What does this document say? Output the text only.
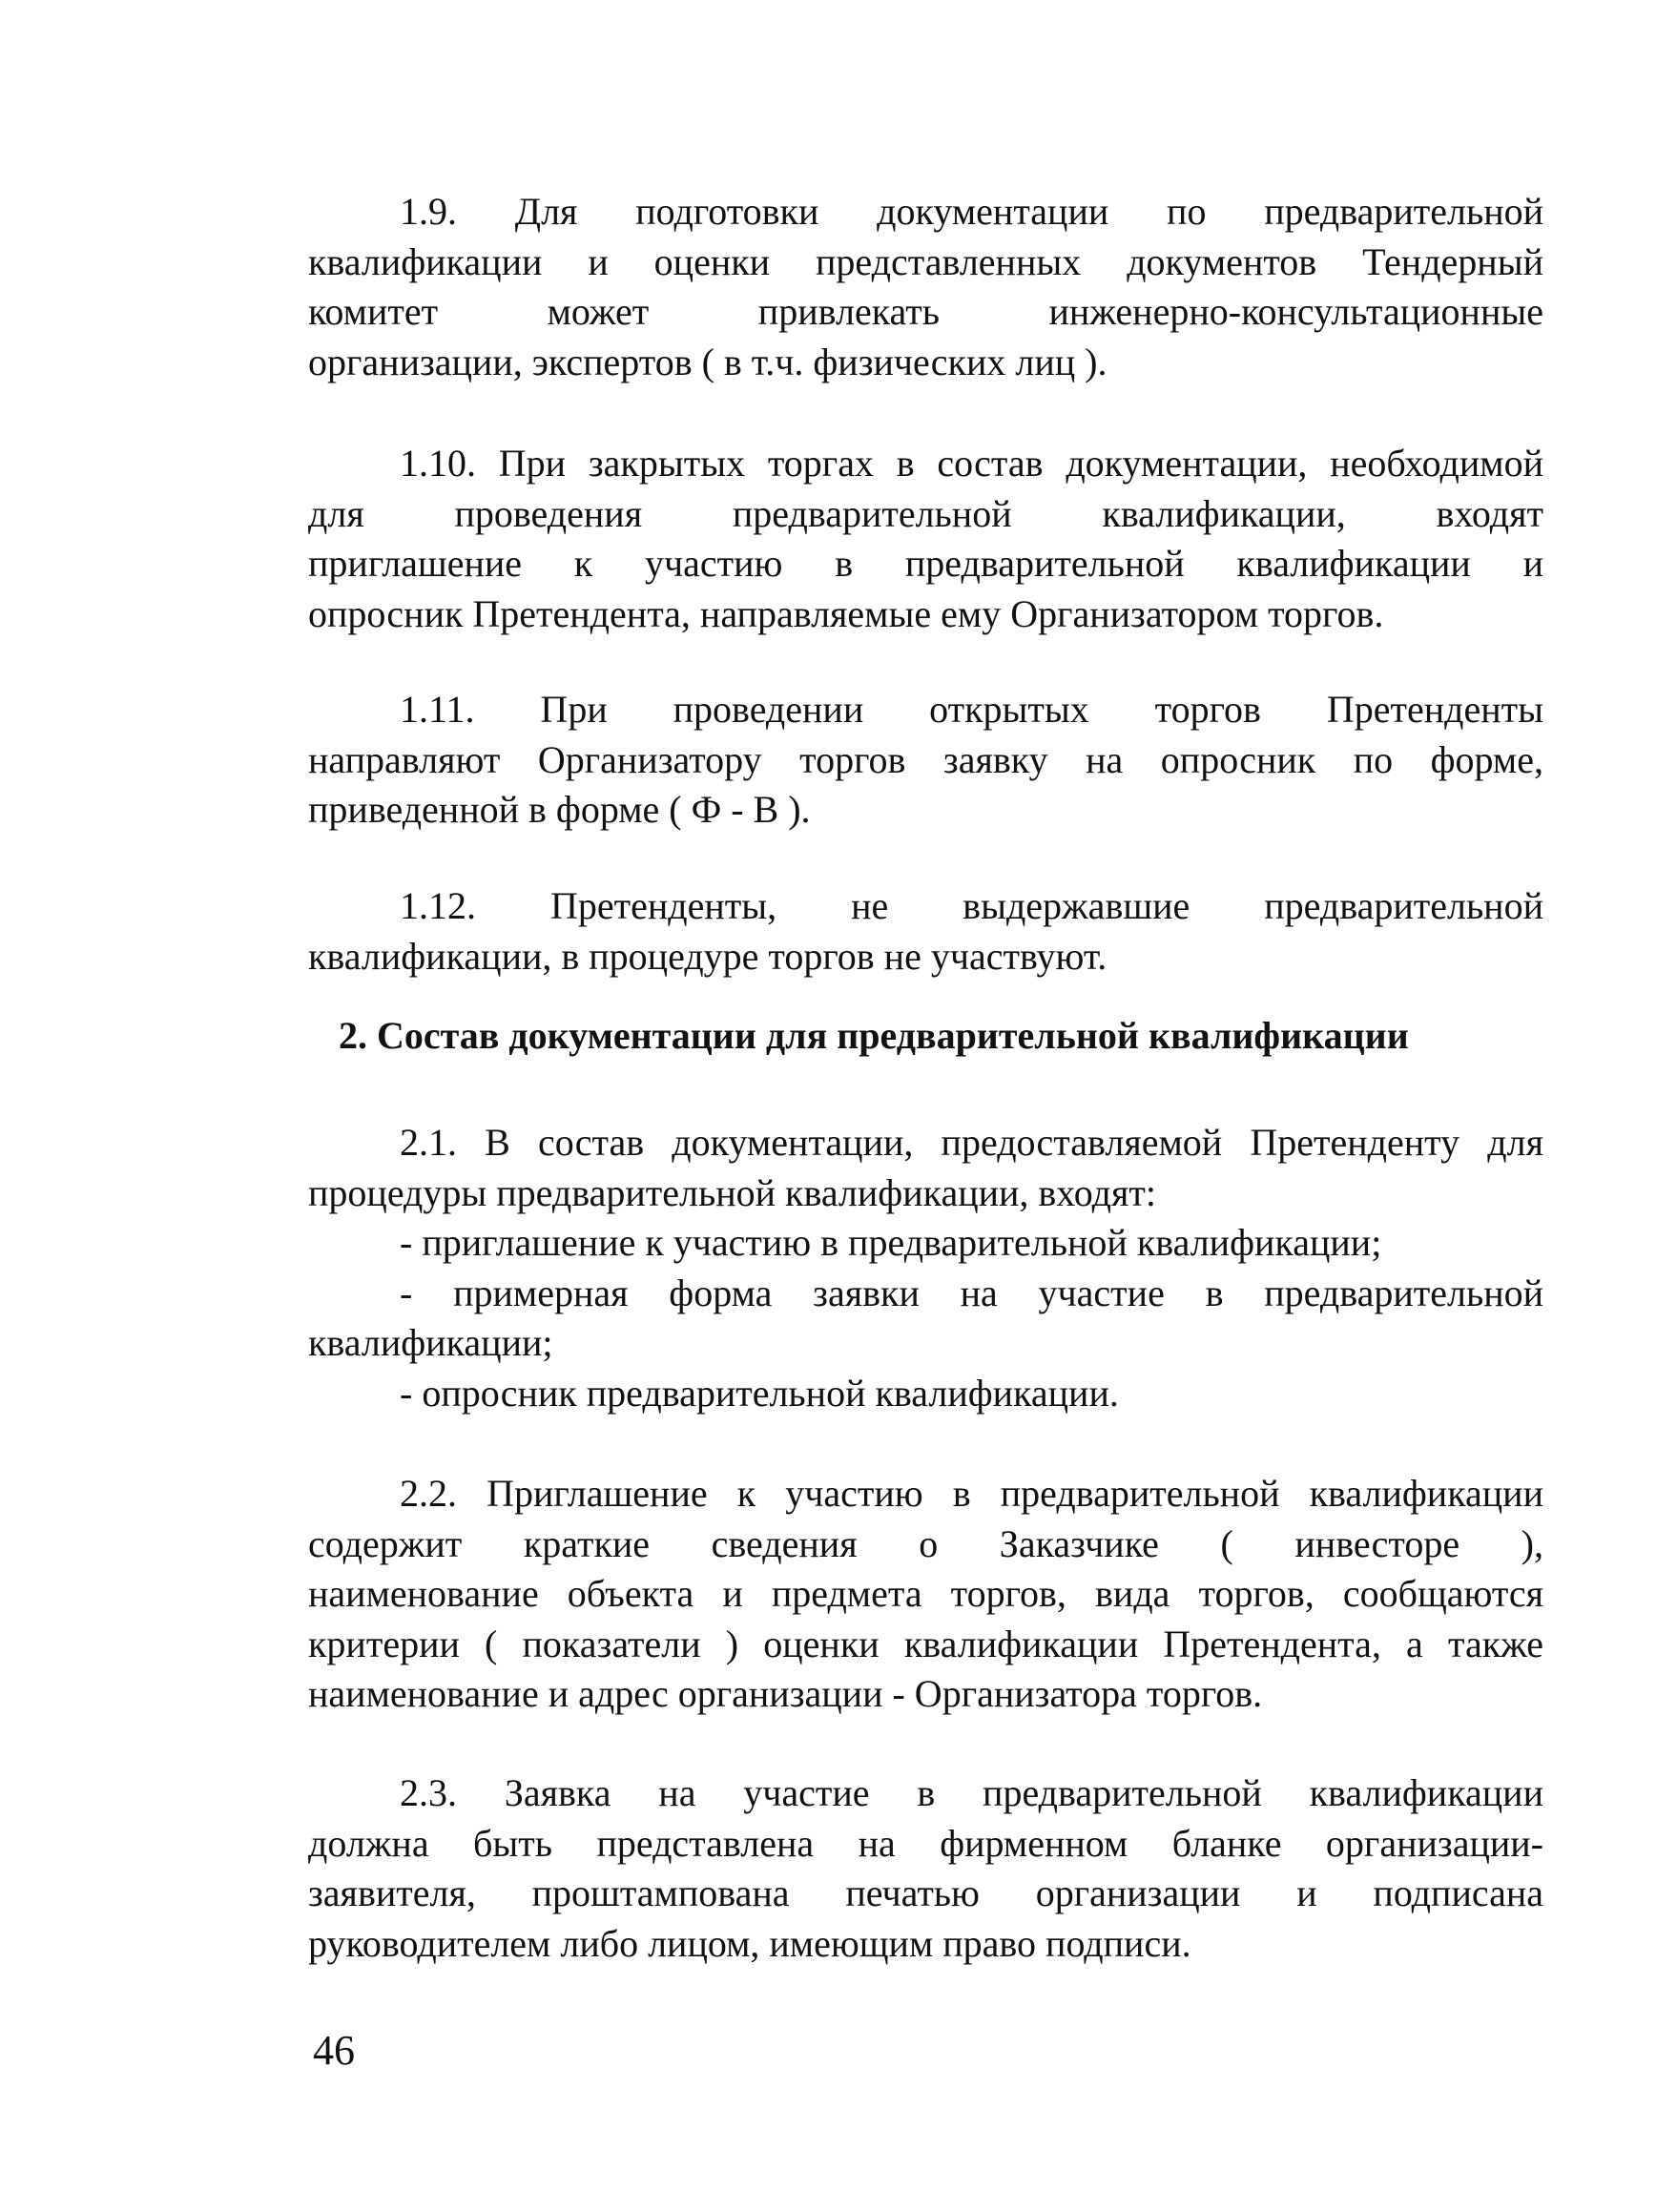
1.9. Для подготовки документации по предварительной
квалификации и оценки представленных документов Тендерный
комитет может привлекать инженерно-консультационные
организации, экспертов ( в т.ч. физических лиц ).
1.10. При закрытых торгах в состав документации, необходимой
для проведения предварительной квалификации, входят
приглашение к участию в предварительной квалификации и
опросник Претендента, направляемые ему Организатором торгов.
1.11. При проведении открытых торгов Претенденты
направляют Организатору торгов заявку на опросник по форме,
приведенной в форме ( Ф - В ).
1.12. Претенденты, не выдержавшие предварительной
квалификации, в процедуре торгов не участвуют.
2. Состав документации для предварительной квалификации
2.1. В состав документации, предоставляемой Претенденту для
процедуры предварительной квалификации, входят:
- приглашение к участию в предварительной квалификации;
- примерная форма заявки на участие в предварительной
квалификации;
- опросник предварительной квалификации.
2.2. Приглашение к участию в предварительной квалификации
содержит краткие сведения о Заказчике ( инвесторе ),
наименование объекта и предмета торгов, вида торгов, сообщаются
критерии ( показатели ) оценки квалификации Претендента, а также
наименование и адрес организации - Организатора торгов.
2.3. Заявка на участие в предварительной квалификации
должна быть представлена на фирменном бланке организации-
заявителя, проштампована печатью организации и подписана
руководителем либо лицом, имеющим право подписи.
46
